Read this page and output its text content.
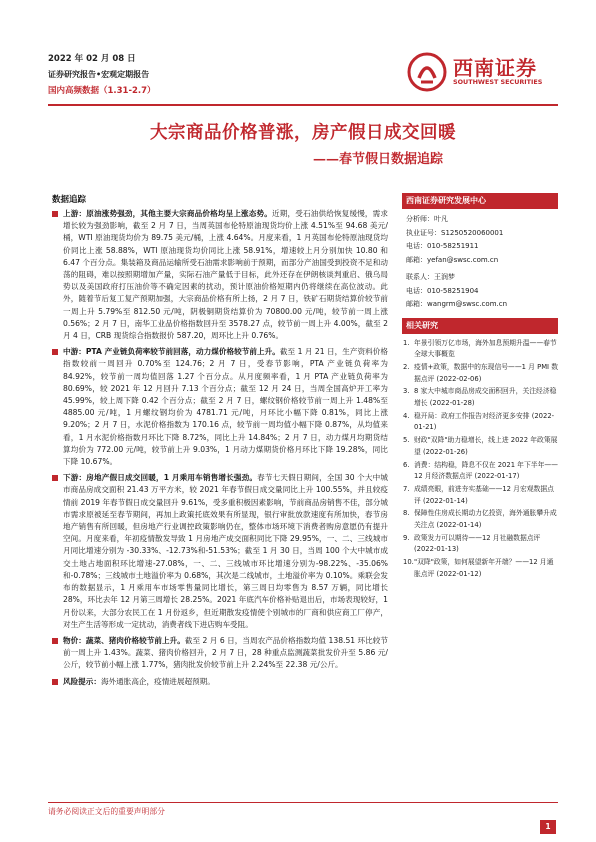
2022 年 02 月 08 日
证券研究报告•宏观定期报告
国内高频数据（1.31-2.7）
西南证券
SOUTHWEST SECURITIES
大宗商品价格普涨，房产假日成交回暖
——春节假日数据追踪
数据追踪
上游：原油涨势强劲，其他主要大宗商品价格均呈上涨态势。近期，受石油供给恢复缓慢，需求增长较为强劲影响，截至 2 月 7 日，当周英国布伦特原油现货均价上涨 4.51%至 94.68 美元/桶，WTI 原油现货均价为 89.75 美元/桶，上涨 4.64%。月度来看，1 月英国布伦特原油现货均价同比上涨 58.88%，WTI 原油现货均价同比上涨 58.91%，增速较上月分别加快 10.80 和 6.47 个百分点。集装箱及商品运输所受石油需求影响前于预期，而部分产油国受到投资不足和动荡的阻碍，难以按照期增加产量，实际石油产量低于目标，此外还存在伊朗核谈判重启、俄乌局势以及美国政府打压油价等不确定因素的扰动，预计原油价格短期内仍将继续在高位波动。此外，随着节后复工复产预期加强，大宗商品价格有所上扬，2 月 7 日，铁矿石期货结算价较节前一周上升 5.79%至 812.50 元/吨，阴极铜期货结算价为 70800.00 元/吨，较节前一周上涨 0.56%；2 月 7 日，南华工业品价格指数回升至 3578.27 点，较节前一周上升 4.00%，截至 2 月 4 日，CRB 现货综合指数报价 587.20，周环比上升 0.76%。
中游：PTA 产业链负荷率较节前回落，动力煤价格较节前上升。截至 1 月 21 日，生产资料价格指数较前一周回升 0.70%至 124.76；2 月 7 日，受春节影响，PTA 产业链负荷率为 84.92%，较节前一周均值回落 1.27 个百分点。从月度频率看，1 月 PTA 产业链负荷率为 80.69%，较 2021 年 12 月回升 7.13 个百分点；截至 12 月 24 日，当周全国高炉开工率为 45.99%，较上周下降 0.42 个百分点；截至 2 月 7 日，螺纹钢价格较节前一周上升 1.48%至 4885.00 元/吨，1 月螺纹钢均价为 4781.71 元/吨，月环比小幅下降 0.81%，同比上涨 9.20%；2 月 7 日，水泥价格指数为 170.16 点，较节前一周均值小幅下降 0.87%，从均值来看，1 月水泥价格指数月环比下降 8.72%，同比上升 14.84%；2 月 7 日，动力煤月均期货结算均价为 772.00 元/吨，较节前上升 9.03%，1 月动力煤期货价格月环比下降 19.28%，同比下降 10.67%。
下游：房地产假日成交回暖，1 月乘用车销售增长强劲。春节七天假日期间，全国 30 个大中城市商品房成交面积 21.43 万平方米，较 2021 年春节假日成交量同比上升 100.55%，并且较疫情前 2019 年春节假日成交量回升 9.61%，受多重积极因素影响，节前商品房销售不佳，部分城市需求原被延至春节期间，再加上政策托底效果有所显现，银行审批放款速度有所加快，春节房地产销售有所回暖，但房地产行业调控政策影响仍在，整体市场环境下消费者购房意愿仍有提升空间。月度来看，年初疫情散发导致 1 月房地产成交面积同比下降 29.95%，一、二、三线城市月同比增速分别为 -30.33%、-12.73%和-51.53%；截至 1 月 30 日，当周 100 个大中城市成交土地占地面积环比增速-27.08%，一、二、三线城市环比增速分别为-98.22%、-35.06%和-0.78%；三线城市土地溢价率为 0.68%，其次是二线城市，土地溢价率为 0.10%。乘联会发布的数据显示，1 月乘用车市场零售量同比增长，第三周日均零售为 8.57 万辆，同比增长 28%，环比去年 12 月第三周增长 28.25%。2021 年底汽车价格补贴退出后，市场表现较好，1 月份以来，大部分农民工在 1 月份返乡，但近期散发疫情使个别城市的厂商和供应商工厂停产，对生产生活等形成一定扰动，消费者线下进店购车受阻。
物价：蔬菜、猪肉价格较节前上升。截至 2 月 6 日，当周农产品价格指数均值 138.51 环比较节前一周上升 1.43%。蔬菜、猪肉价格回升，2 月 7 日，28 种重点监测蔬菜批发价升至 5.86 元/公斤，较节前小幅上涨 1.77%，猪肉批发价较节前上升 2.24%至 22.38 元/公斤。
风险提示：海外通胀高企，疫情进展超预期。
西南证券研究发展中心
分析师：叶凡
执业证号：S1250520060001
电话：010-58251911
邮箱：yefan@swsc.com.cn
联系人：王润梦
电话：010-58251904
邮箱：wangrm@swsc.com.cn
相关研究
1. 年景引领万亿市场，海外加息预期升温——春节全球大事概览
2. 疫情+政策，数据中的东现信号——1 月 PMI 数据点评 (2022-02-06)
3. 8 家大中城市商品房成交面积回升，关注经济稳增长 (2022-01-28)
4. 稳开局：政府工作报告对经济更多安排 (2022-01-21)
5. 财政"双降"助力稳增长，线上进 2022 年政策展望 (2022-01-26)
6. 消费：结构稳，降息不仅在 2021 年下半年——12 月经济数据点评 (2022-01-17)
7. 成绩亮眼，前进夯实基础——12 月宏观数据点评 (2022-01-14)
8. 保障性住房成长期动力亿投资，海外通胀攀升成关注点 (2022-01-14)
9. 政策发力可以期待——12 月社融数据点评 (2022-01-13)
10. "双降"政策，如何展望新年开端？——12 月通胀点评 (2022-01-12)
请务必阅读正文后的重要声明部分
1
